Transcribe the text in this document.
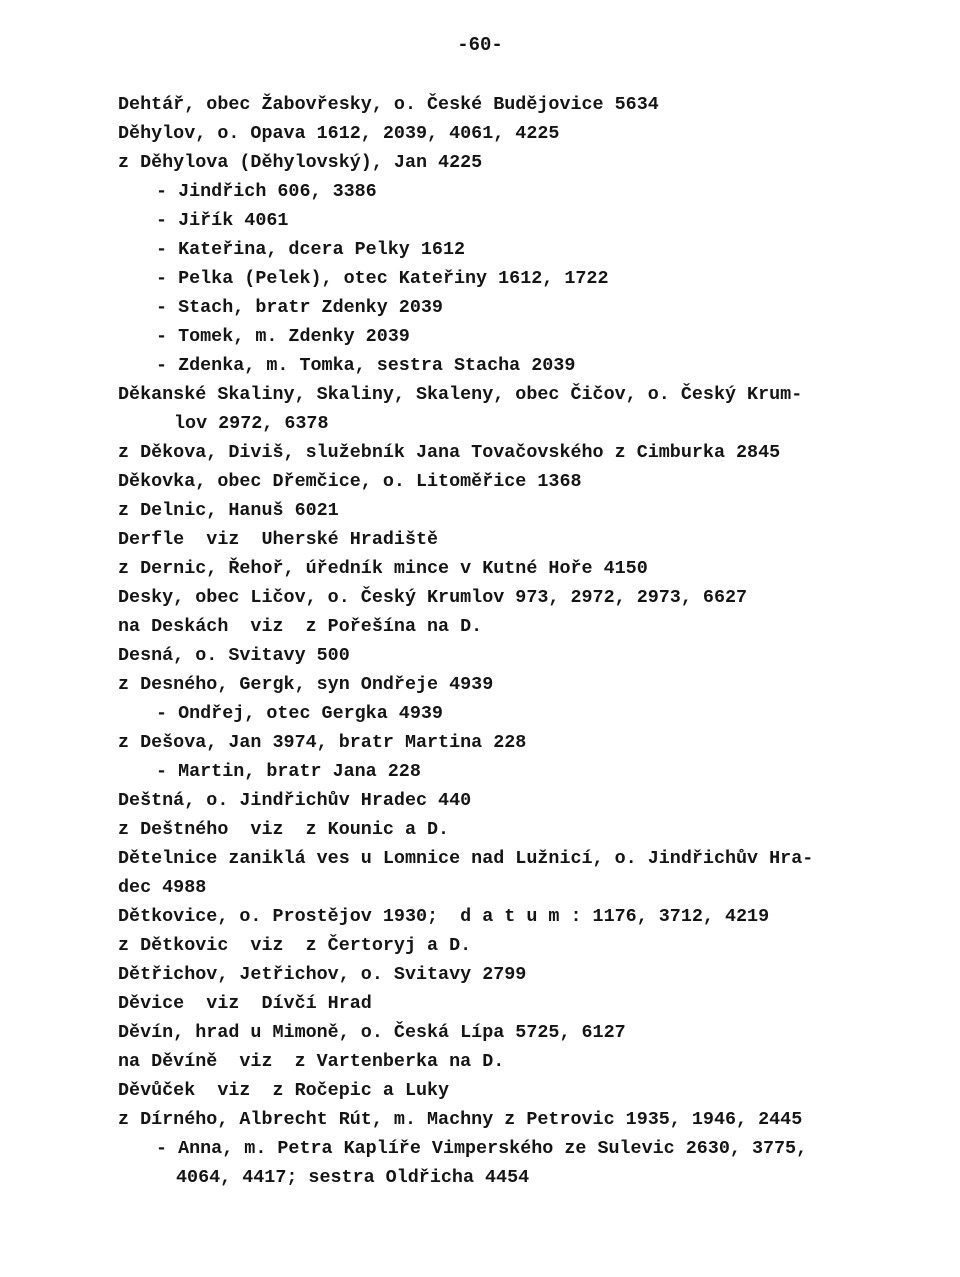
-60-
Dehtář, obec Žabovřesky, o. České Budějovice 5634
Děhylov, o. Opava 1612, 2039, 4061, 4225
z Děhylova (Děhylovský), Jan 4225
- Jindřich 606, 3386
- Jiřík 4061
- Kateřina, dcera Pelky 1612
- Pelka (Pelek), otec Kateřiny 1612, 1722
- Stach, bratr Zdenky 2039
- Tomek, m. Zdenky 2039
- Zdenka, m. Tomka, sestra Stacha 2039
Děkanské Skaliny, Skaliny, Skaleny, obec Čičov, o. Český Krum-
lov 2972, 6378
z Děkova, Diviš, služebník Jana Tovačovského z Cimburka 2845
Děkovka, obec Dřemčice, o. Litoměřice 1368
z Delnic, Hanuš 6021
Derfle  viz  Uherské Hradiště
z Dernic, Řehoř, úředník mince v Kutné Hoře 4150
Desky, obec Ličov, o. Český Krumlov 973, 2972, 2973, 6627
na Deskách  viz  z Pořešína na D.
Desná, o. Svitavy 500
z Desného, Gergk, syn Ondřeje 4939
- Ondřej, otec Gergka 4939
z Dešova, Jan 3974, bratr Martina 228
- Martin, bratr Jana 228
Deštná, o. Jindřichův Hradec 440
z Deštného  viz  z Kounic a D.
Dětelnice zaniklá ves u Lomnice nad Lužnicí, o. Jindřichův Hra-
dec 4988
Dětkovice, o. Prostějov 1930;  d a t u m : 1176, 3712, 4219
z Dětkovic  viz  z Čertoryj a D.
Dětřichov, Jetřichov, o. Svitavy 2799
Děvice  viz  Dívčí Hrad
Děvín, hrad u Mimoně, o. Česká Lípa 5725, 6127
na Děvíně  viz  z Vartenberka na D.
Děvůček  viz  z Ročepic a Luky
z Dírného, Albrecht Rút, m. Machny z Petrovic 1935, 1946, 2445
- Anna, m. Petra Kaplíře Vimperského ze Sulevic 2630, 3775,
4064, 4417; sestra Oldřicha 4454
